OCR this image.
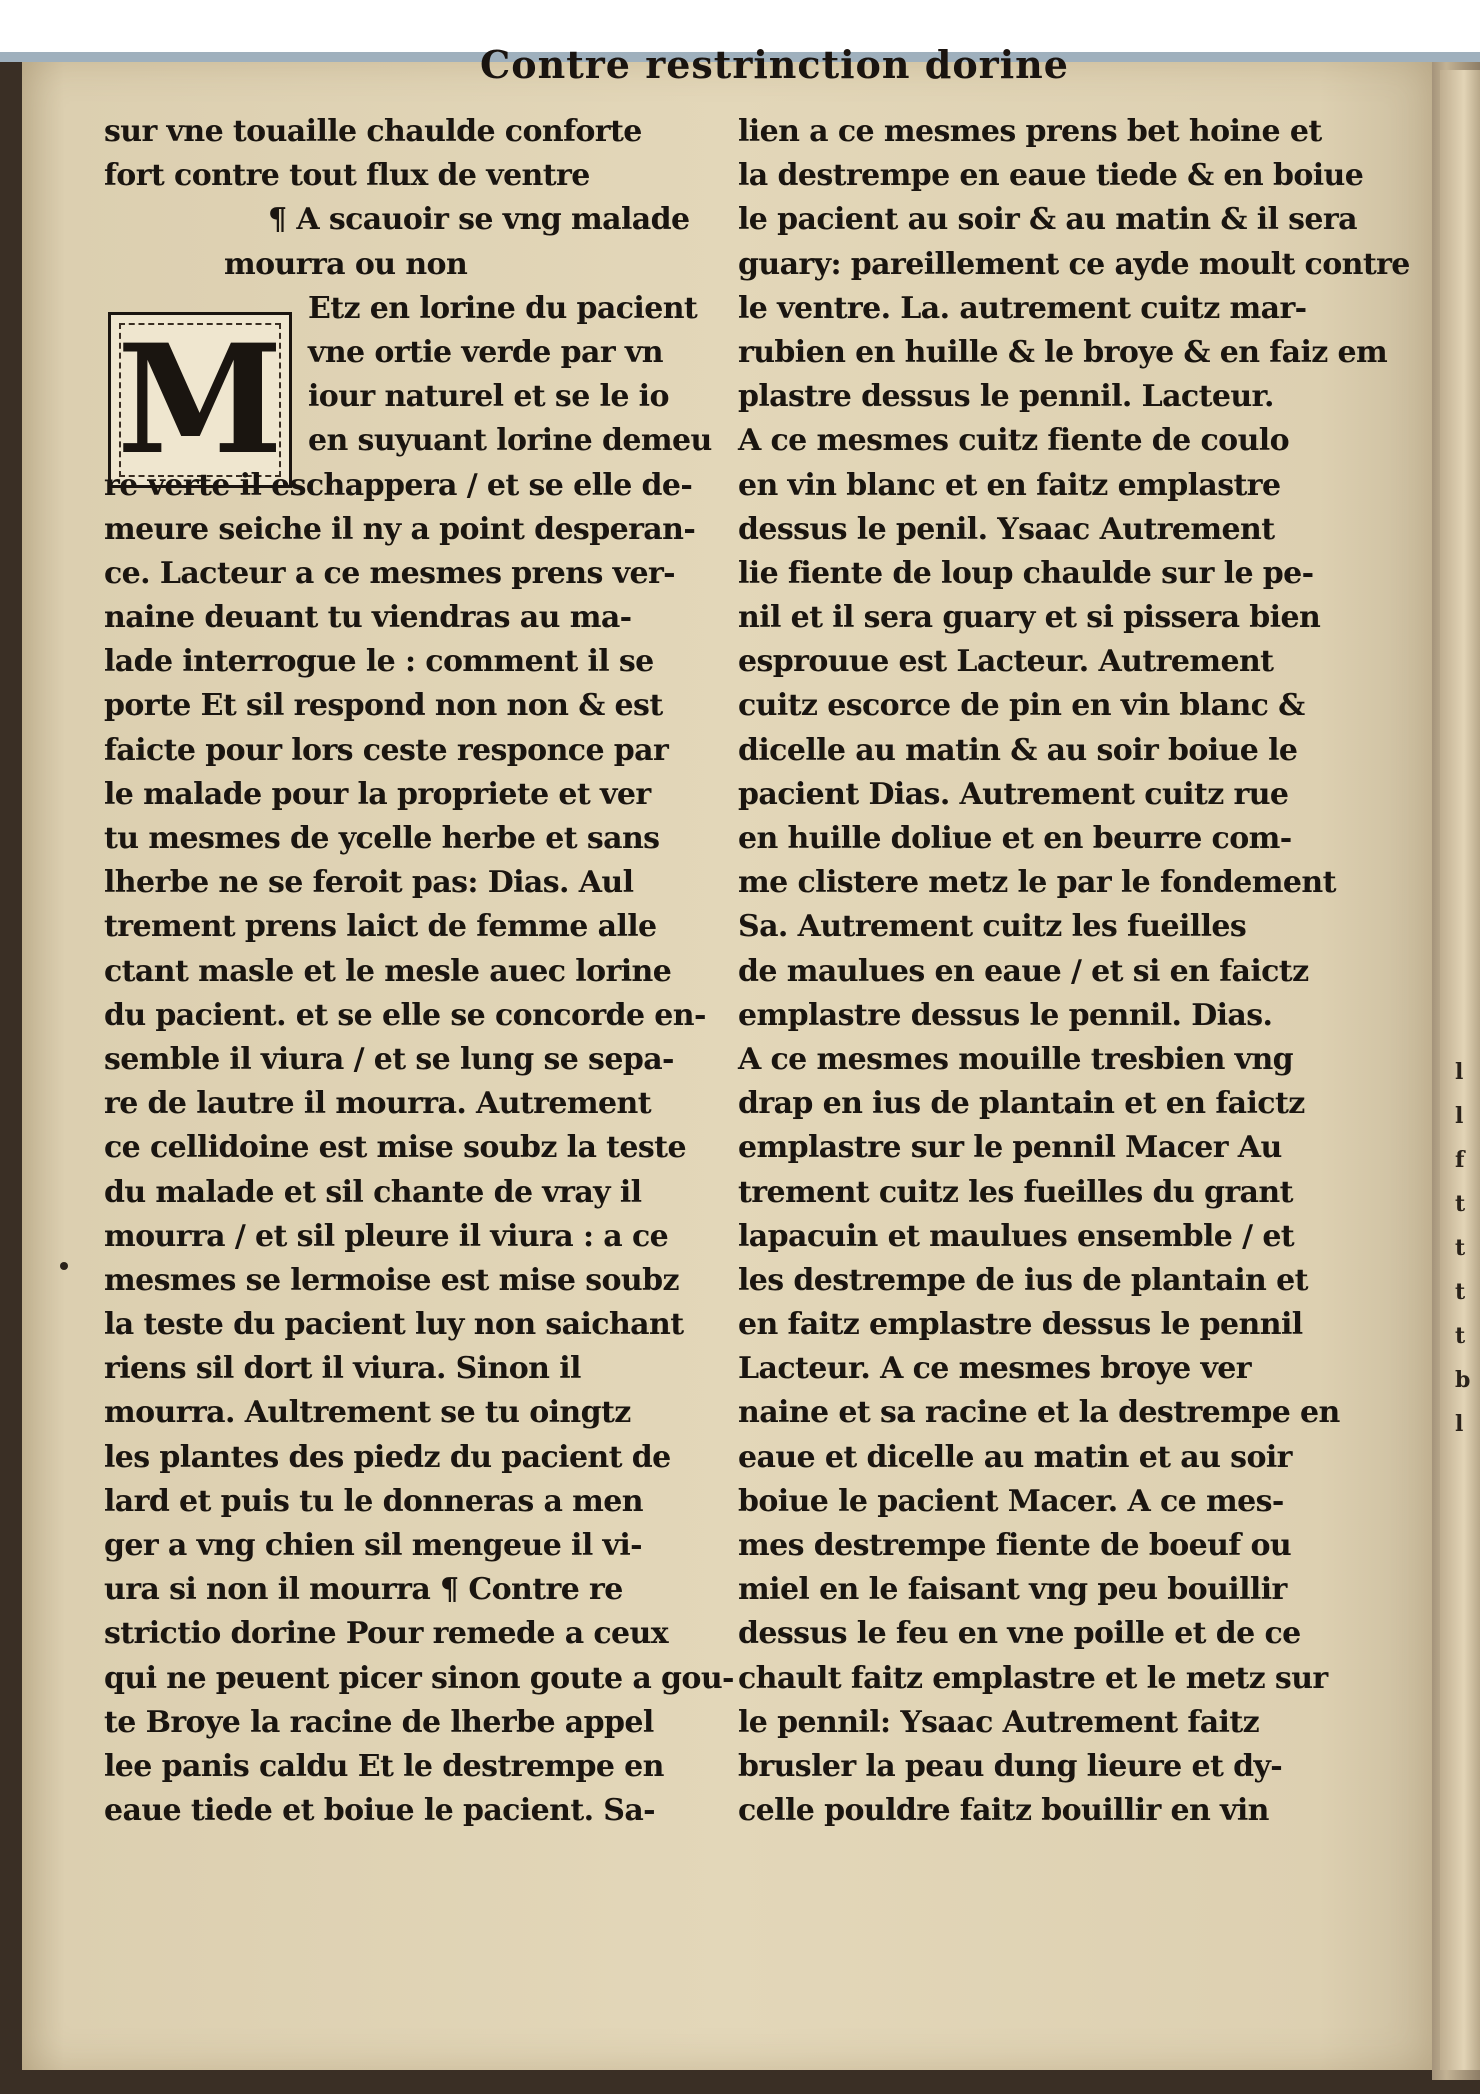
Contre restrinction dorine
M
sur vne touaille chaulde conforte
fort contre tout flux de ventre
¶ A scauoir se vng malade
mourra ou non
Etz en lorine du pacient
vne ortie verde par vn
iour naturel et se le io
en suyuant lorine demeu
re verte il eschappera / et se elle de-
meure seiche il ny a point desperan-
ce. Lacteur a ce mesmes prens ver-
naine deuant tu viendras au ma-
lade interrogue le : comment il se
porte Et sil respond non non & est
faicte pour lors ceste responce par
le malade pour la propriete et ver
tu mesmes de ycelle herbe et sans
lherbe ne se feroit pas: Dias. Aul
trement prens laict de femme alle
ctant masle et le mesle auec lorine
du pacient. et se elle se concorde en-
semble il viura / et se lung se sepa-
re de lautre il mourra. Autrement
ce cellidoine est mise soubz la teste
du malade et sil chante de vray il
mourra / et sil pleure il viura : a ce
mesmes se lermoise est mise soubz
la teste du pacient luy non saichant
riens sil dort il viura. Sinon il
mourra. Aultrement se tu oingtz
les plantes des piedz du pacient de
lard et puis tu le donneras a men
ger a vng chien sil mengeue il vi-
ura si non il mourra ¶ Contre re
strictio dorine Pour remede a ceux
qui ne peuent picer sinon goute a gou-
te Broye la racine de lherbe appel
lee panis caldu Et le destrempe en
eaue tiede et boiue le pacient. Sa-
lien a ce mesmes prens bet hoine et
la destrempe en eaue tiede & en boiue
le pacient au soir & au matin & il sera
guary: pareillement ce ayde moult contre
le ventre. La. autrement cuitz mar-
rubien en huille & le broye & en faiz em
plastre dessus le pennil. Lacteur.
A ce mesmes cuitz fiente de coulo
en vin blanc et en faitz emplastre
dessus le penil. Ysaac Autrement
lie fiente de loup chaulde sur le pe-
nil et il sera guary et si pissera bien
esprouue est Lacteur. Autrement
cuitz escorce de pin en vin blanc &
dicelle au matin & au soir boiue le
pacient Dias. Autrement cuitz rue
en huille doliue et en beurre com-
me clistere metz le par le fondement
Sa. Autrement cuitz les fueilles
de maulues en eaue / et si en faictz
emplastre dessus le pennil. Dias.
A ce mesmes mouille tresbien vng
drap en ius de plantain et en faictz
emplastre sur le pennil Macer Au
trement cuitz les fueilles du grant
lapacuin et maulues ensemble / et
les destrempe de ius de plantain et
en faitz emplastre dessus le pennil
Lacteur. A ce mesmes broye ver
naine et sa racine et la destrempe en
eaue et dicelle au matin et au soir
boiue le pacient Macer. A ce mes-
mes destrempe fiente de boeuf ou
miel en le faisant vng peu bouillir
dessus le feu en vne poille et de ce
chault faitz emplastre et le metz sur
le pennil: Ysaac Autrement faitz
brusler la peau dung lieure et dy-
celle pouldre faitz bouillir en vin
l
l
f
t
t
t
t
b
l
